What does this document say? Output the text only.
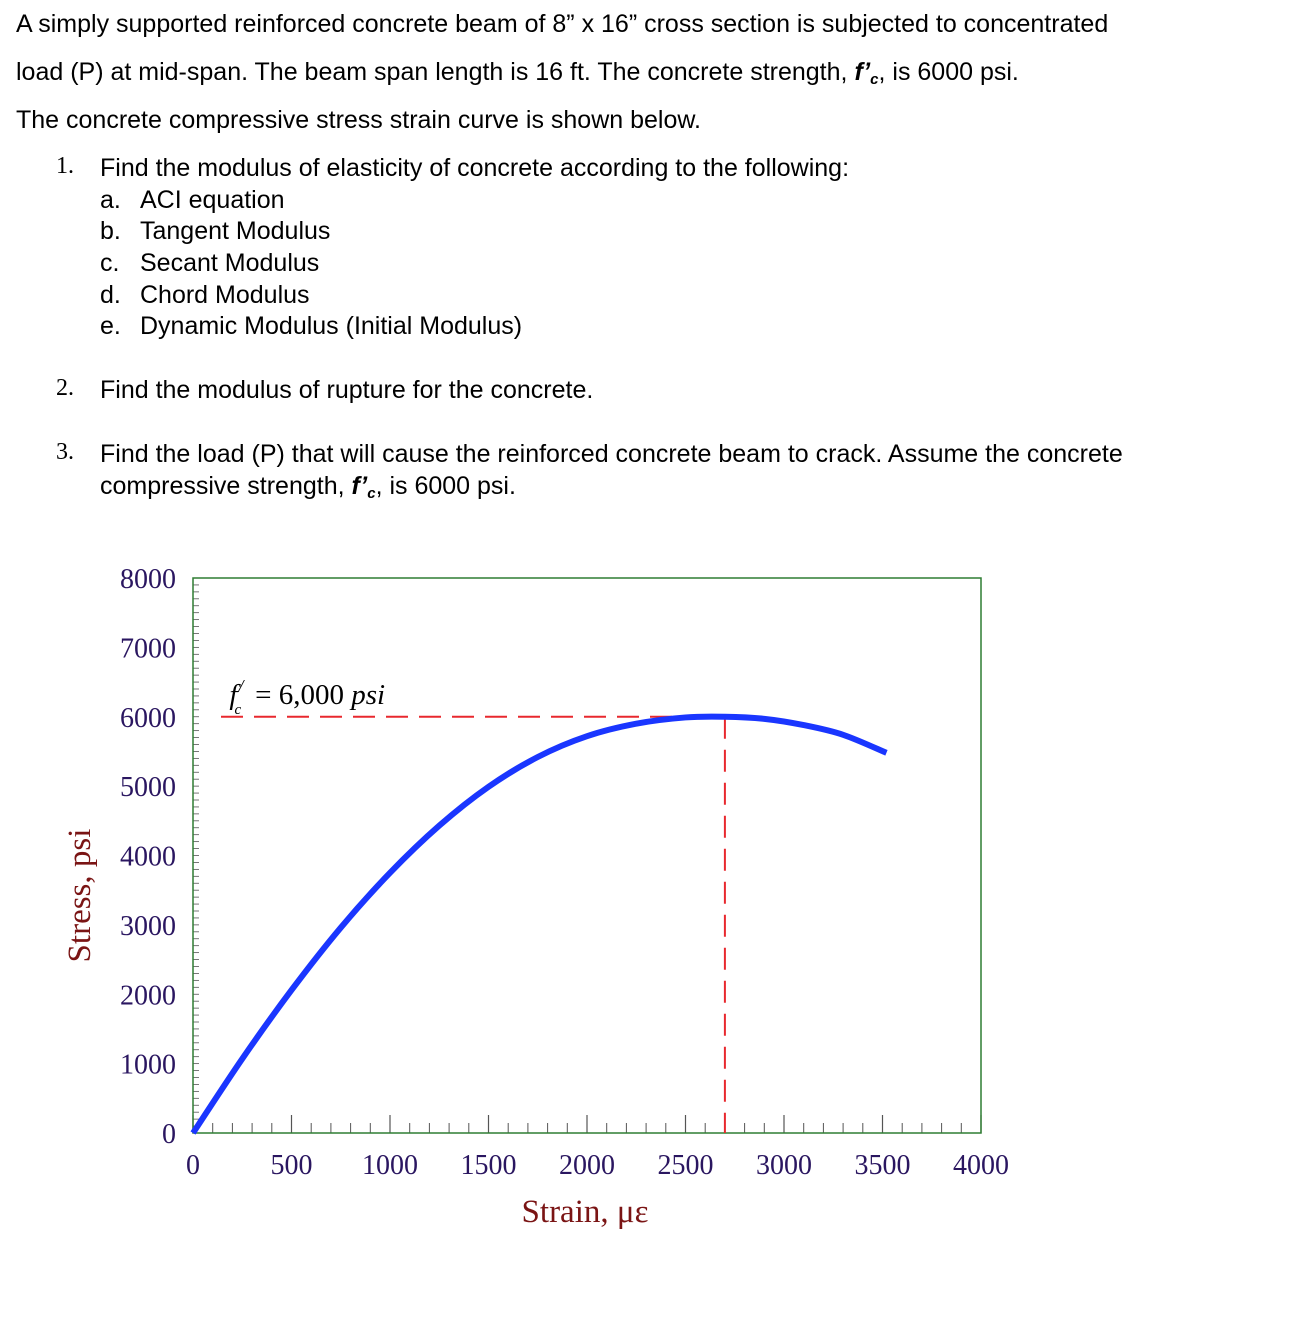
A simply supported reinforced concrete beam of 8” x 16” cross section is subjected to concentrated

load (P) at mid-span. The beam span length is 16 ft. The concrete strength, $f’_c$, is 6000 psi.

The concrete compressive stress strain curve is shown below.

1. Find the modulus of elasticity of concrete according to the following:
a. ACI equation
b. Tangent Modulus
c. Secant Modulus
d. Chord Modulus
e. Dynamic Modulus (Initial Modulus)
2. Find the modulus of rupture for the concrete.
3. Find the load (P) that will cause the reinforced concrete beam to crack. Assume the concrete
compressive strength, $f’_c$, is 6000 psi.
0	500 1000 1500 2000 2500 3000 3500 4000
0
1000
2000
3000
4000
5000
6000
7000
8000
f/ c = 6,000 psi
Strain, με
Stress, psi
